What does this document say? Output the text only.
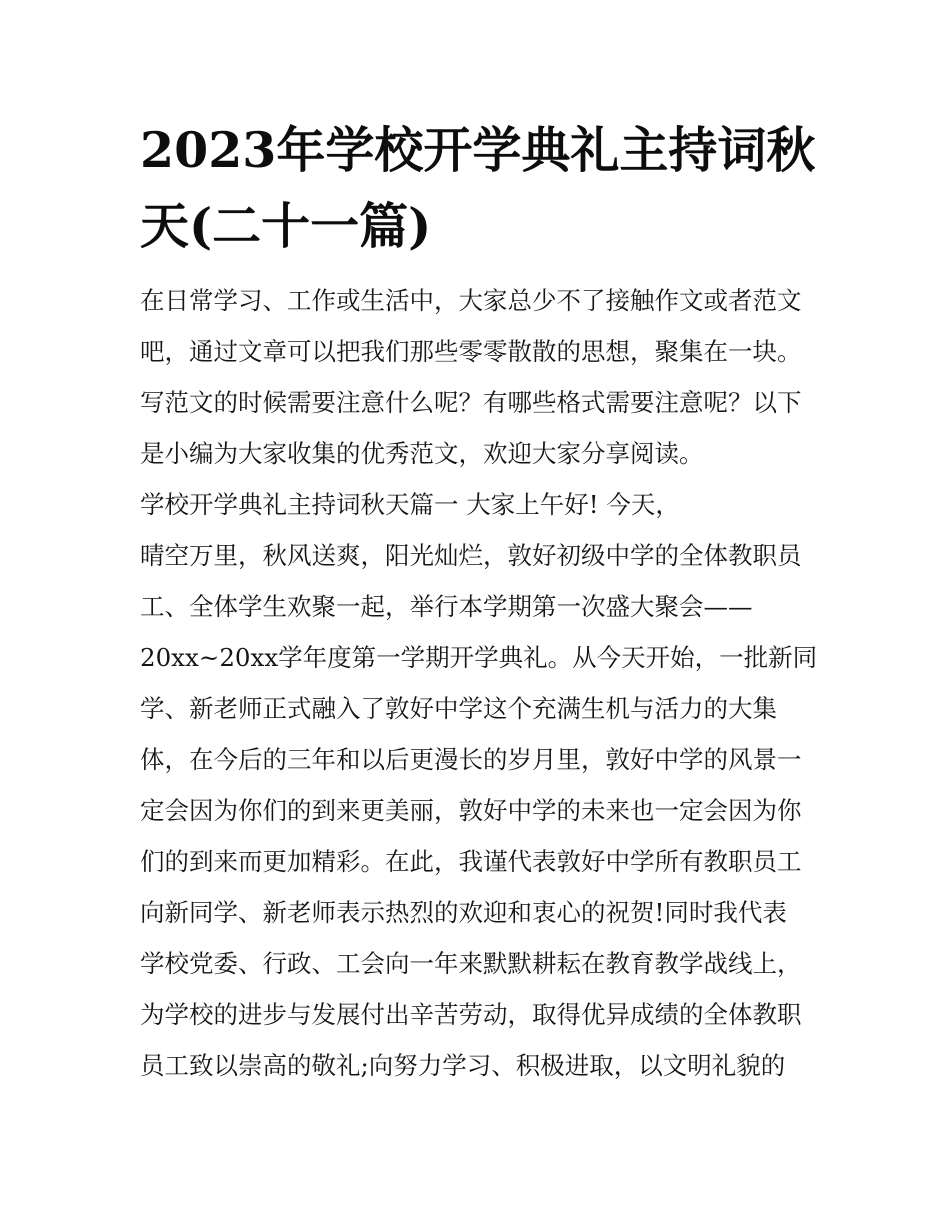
2023年学校开学典礼主持词秋
天(二十一篇)
在日常学习、工作或生活中，大家总少不了接触作文或者范文
吧，通过文章可以把我们那些零零散散的思想，聚集在一块。
写范文的时候需要注意什么呢？有哪些格式需要注意呢？以下
是小编为大家收集的优秀范文，欢迎大家分享阅读。
学校开学典礼主持词秋天篇一 大家上午好! 今天，
晴空万里，秋风送爽，阳光灿烂，敦好初级中学的全体教职员
工、全体学生欢聚一起，举行本学期第一次盛大聚会——
20xx~20xx学年度第一学期开学典礼。从今天开始，一批新同
学、新老师正式融入了敦好中学这个充满生机与活力的大集
体，在今后的三年和以后更漫长的岁月里，敦好中学的风景一
定会因为你们的到来更美丽，敦好中学的未来也一定会因为你
们的到来而更加精彩。在此，我谨代表敦好中学所有教职员工
向新同学、新老师表示热烈的欢迎和衷心的祝贺!同时我代表
学校党委、行政、工会向一年来默默耕耘在教育教学战线上，
为学校的进步与发展付出辛苦劳动，取得优异成绩的全体教职
员工致以崇高的敬礼;向努力学习、积极进取，以文明礼貌的
